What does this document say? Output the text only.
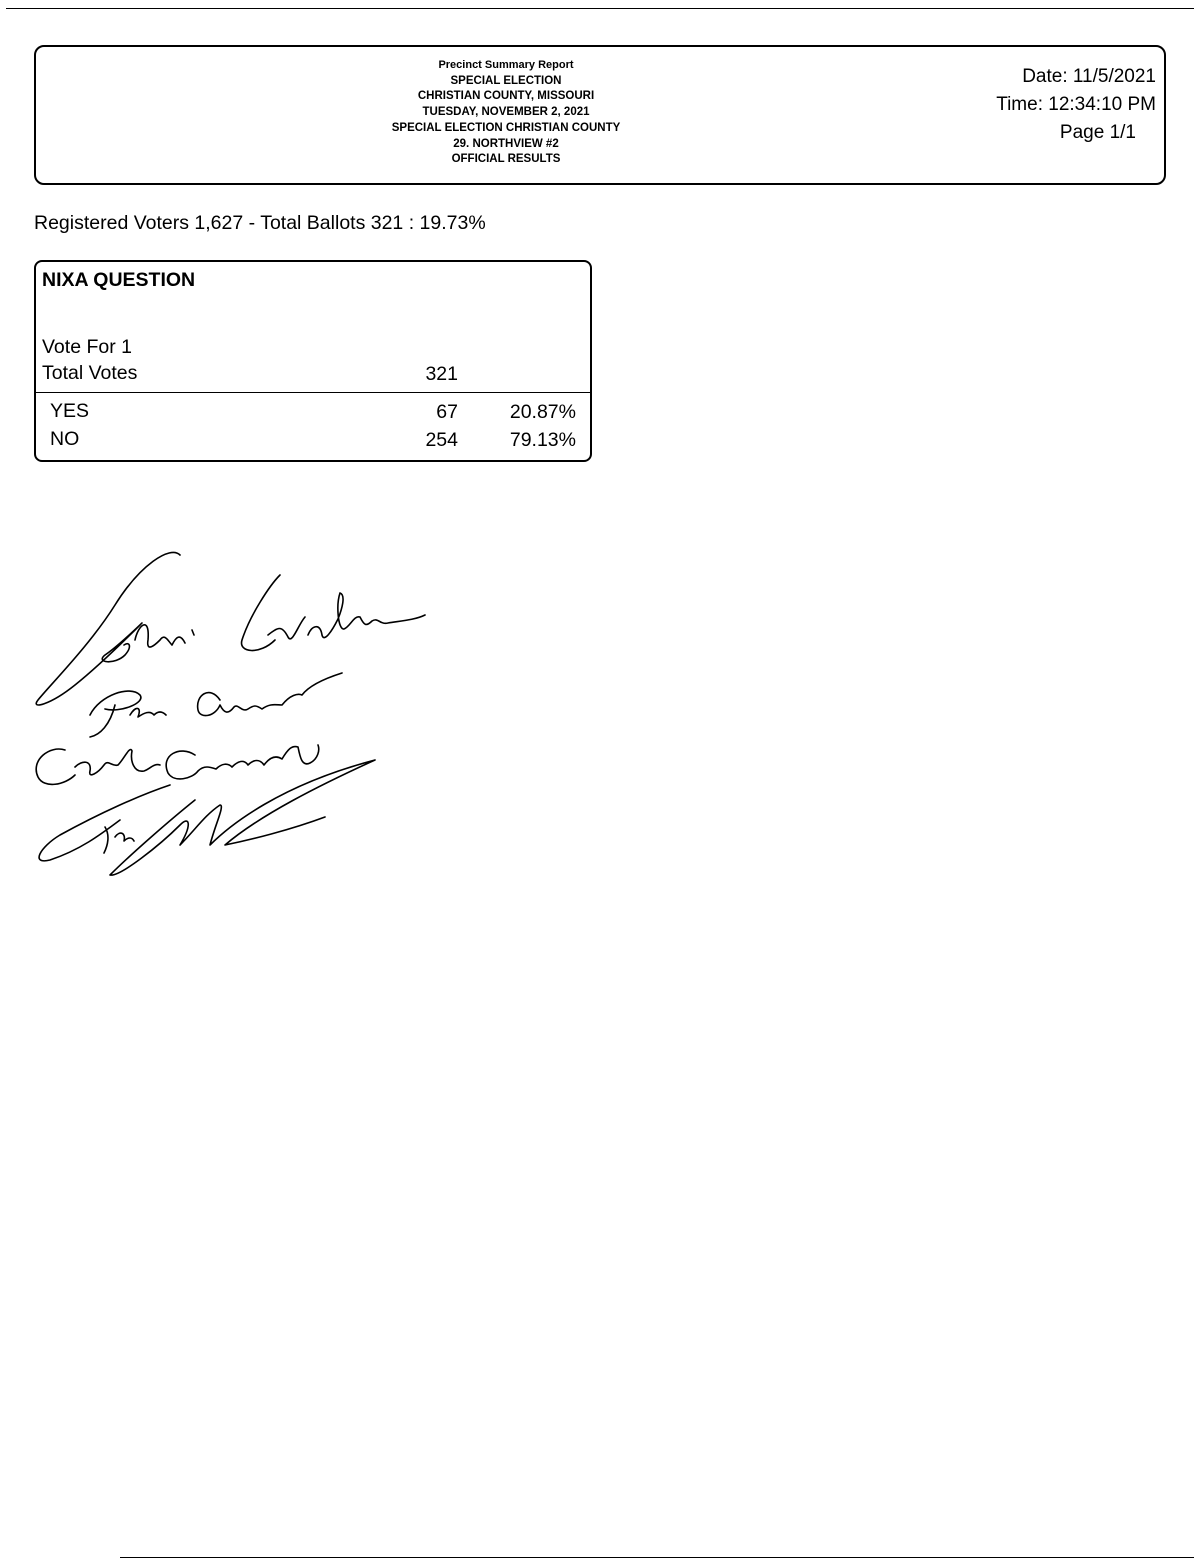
Precinct Summary Report
SPECIAL ELECTION
CHRISTIAN COUNTY, MISSOURI
TUESDAY, NOVEMBER 2, 2021
SPECIAL ELECTION CHRISTIAN COUNTY
29. NORTHVIEW #2
OFFICIAL RESULTS
Date: 11/5/2021
Time: 12:34:10 PM
Page 1/1
Registered Voters 1,627 - Total Ballots 321 : 19.73%
NIXA QUESTION
Vote For 1
Total Votes	321
YES	67	20.87%
NO	254	79.13%
